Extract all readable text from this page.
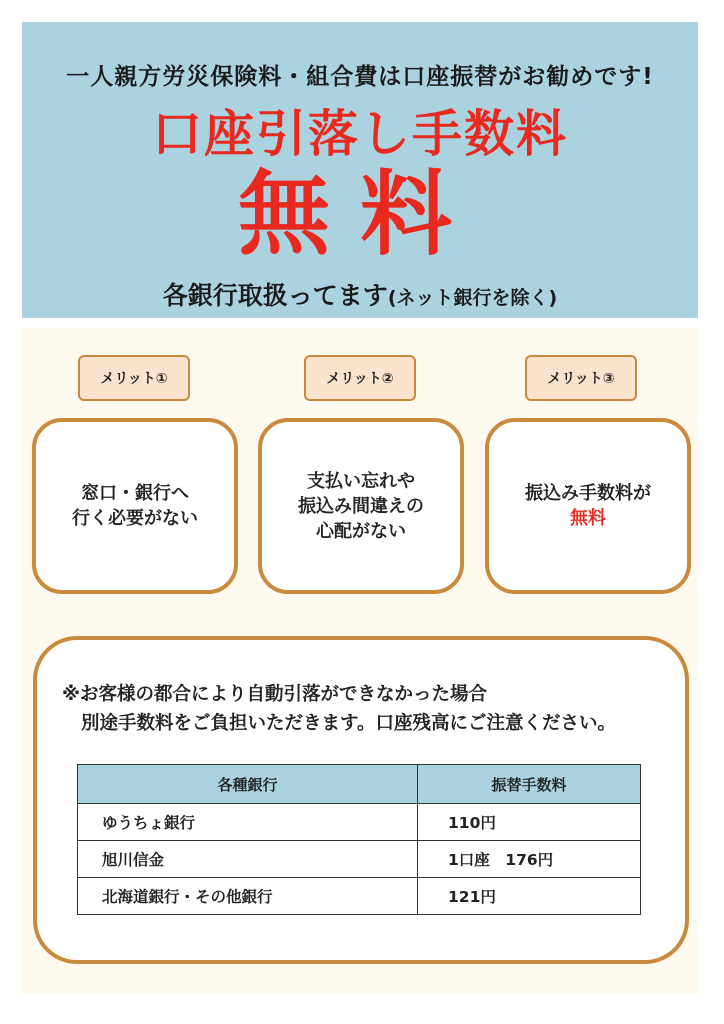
一人親方労災保険料・組合費は口座振替がお勧めです!
口座引落し手数料
無料
各銀行取扱ってます(ネット銀行を除く)
メリット①
窓口・銀行へ
行く必要がない
メリット②
支払い忘れや
振込み間違えの
心配がない
メリット③
振込み手数料が
無料
※お客様の都合により自動引落ができなかった場合
別途手数料をご負担いただきます。口座残高にご注意ください。
各種銀行	振替手数料
ゆうちょ銀行	110円
旭川信金	1口座　176円
北海道銀行・その他銀行	121円
